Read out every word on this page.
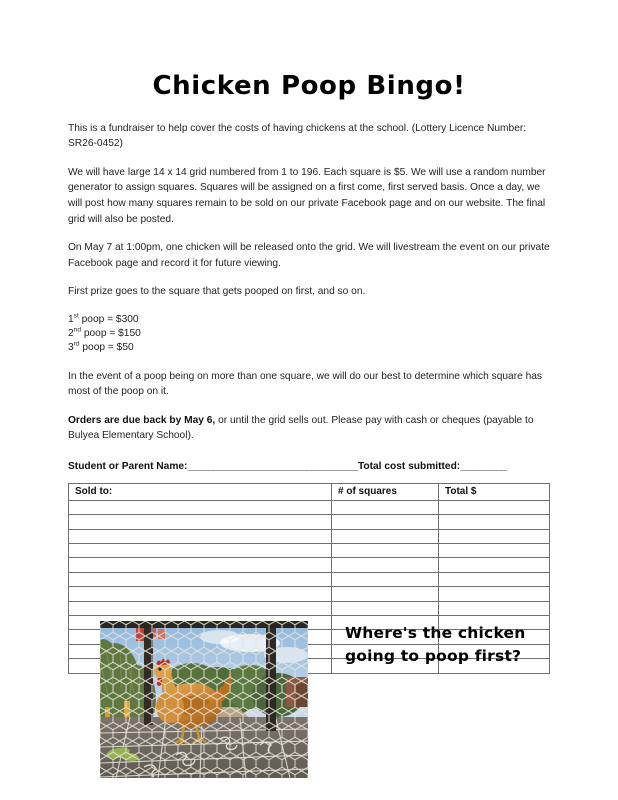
Chicken Poop Bingo!

This is a fundraiser to help cover the costs of having chickens at the school. (Lottery Licence Number: SR26-0452)

We will have large 14 x 14 grid numbered from 1 to 196. Each square is $5. We will use a random number generator to assign squares. Squares will be assigned on a first come, first served basis. Once a day, we will post how many squares remain to be sold on our private Facebook page and on our website. The final grid will also be posted.

On May 7 at 1:00pm, one chicken will be released onto the grid. We will livestream the event on our private Facebook page and record it for future viewing.

First prize goes to the square that gets pooped on first, and so on.

1st poop = $300
2nd poop = $150
3rd poop = $50

In the event of a poop being on more than one square, we will do our best to determine which square has most of the poop on it.

Orders are due back by May 6, or until the grid sells out. Please pay with cash or cheques (payable to Bulyea Elementary School).

Student or Parent Name:_________________________________Total cost submitted:_________
Sold to:	# of squares	Total $

Where's the chicken
going to poop first?
